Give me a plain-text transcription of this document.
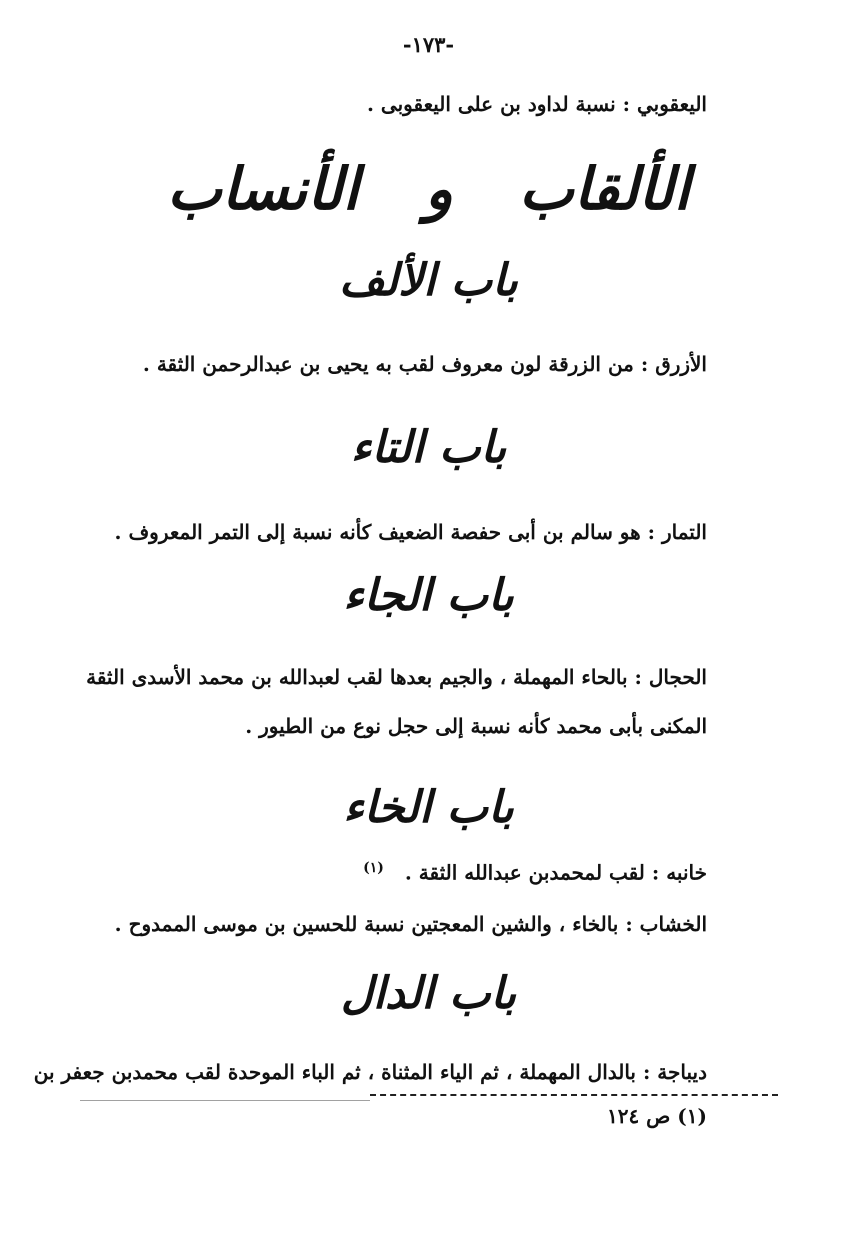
-١٧٣-
اليعقوبي : نسبة لداود بن على اليعقوبى .
الألقاب و الأنساب
باب الألف
الأزرق : من الزرقة لون معروف لقب به يحيى بن عبدالرحمن الثقة .
باب التاء
التمار : هو سالم بن أبى حفصة الضعيف كأنه نسبة إلى التمر المعروف .
باب الجاء
الحجال : بالحاء المهملة ، والجيم بعدها لقب لعبدالله بن محمد الأسدى الثقة
المكنى بأبى محمد كأنه نسبة إلى حجل نوع من الطيور .
باب الخاء
خانبه : لقب لمحمدبن عبدالله الثقة . $^{(١)}$
الخشاب : بالخاء ، والشين المعجتين نسبة للحسين بن موسى الممدوح .
باب الدال
ديباجة : بالدال المهملة ، ثم الياء المثناة ، ثم الباء الموحدة لقب محمدبن جعفر بن
(١) ص ١٢٤
